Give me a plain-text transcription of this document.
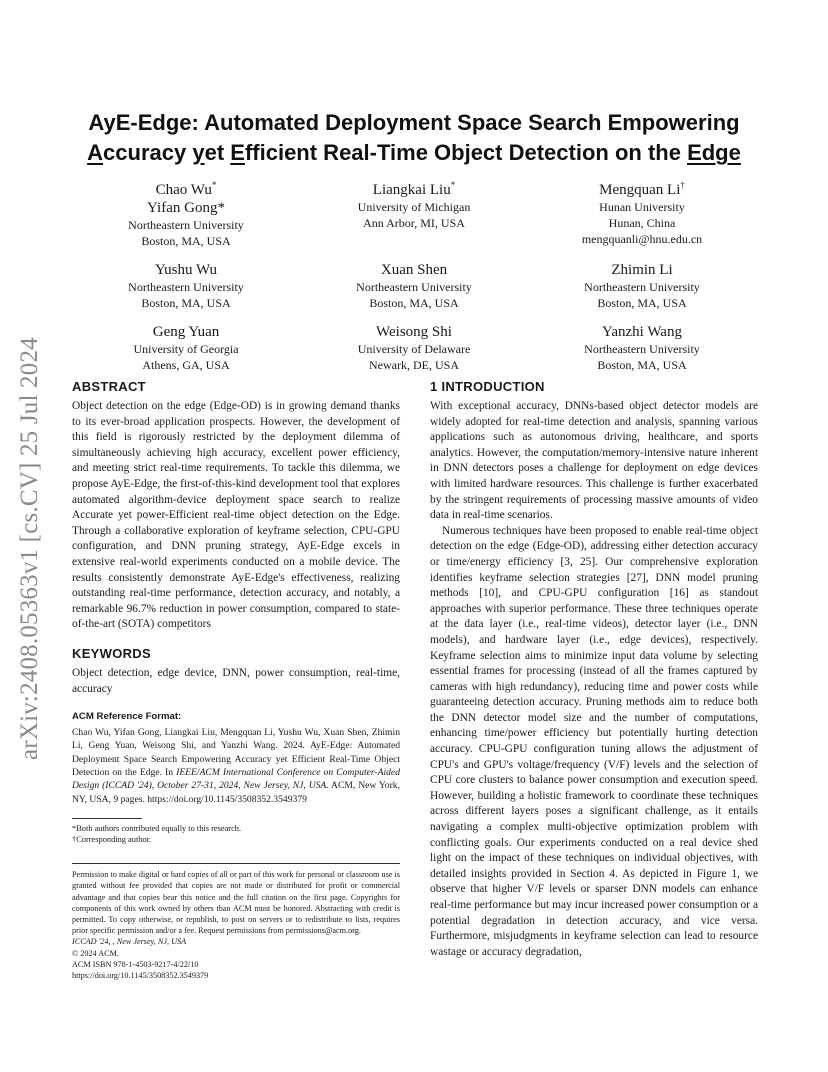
arXiv:2408.05363v1 [cs.CV] 25 Jul 2024
AyE-Edge: Automated Deployment Space Search Empowering
Accuracy yet Efficient Real-Time Object Detection on the Edge
Chao Wu*
Yifan Gong*
Northeastern University
Boston, MA, USA
Liangkai Liu*
University of Michigan
Ann Arbor, MI, USA
Mengquan Li†
Hunan University
Hunan, China
mengquanli@hnu.edu.cn
Yushu Wu
Northeastern University
Boston, MA, USA
Xuan Shen
Northeastern University
Boston, MA, USA
Zhimin Li
Northeastern University
Boston, MA, USA
Geng Yuan
University of Georgia
Athens, GA, USA
Weisong Shi
University of Delaware
Newark, DE, USA
Yanzhi Wang
Northeastern University
Boston, MA, USA
ABSTRACT

Object detection on the edge (Edge-OD) is in growing demand thanks to its ever-broad application prospects. However, the development of this field is rigorously restricted by the deployment dilemma of simultaneously achieving high accuracy, excellent power efficiency, and meeting strict real-time requirements. To tackle this dilemma, we propose AyE-Edge, the first-of-this-kind development tool that explores automated algorithm-device deployment space search to realize Accurate yet power-Efficient real-time object detection on the Edge. Through a collaborative exploration of keyframe selection, CPU-GPU configuration, and DNN pruning strategy, AyE-Edge excels in extensive real-world experiments conducted on a mobile device. The results consistently demonstrate AyE-Edge's effectiveness, realizing outstanding real-time performance, detection accuracy, and notably, a remarkable 96.7% reduction in power consumption, compared to state-of-the-art (SOTA) competitors

KEYWORDS

Object detection, edge device, DNN, power consumption, real-time, accuracy

ACM Reference Format:

Chao Wu, Yifan Gong, Liangkai Liu, Mengquan Li, Yushu Wu, Xuan Shen, Zhimin Li, Geng Yuan, Weisong Shi, and Yanzhi Wang. 2024. AyE-Edge: Automated Deployment Space Search Empowering Accuracy yet Efficient Real-Time Object Detection on the Edge. In IEEE/ACM International Conference on Computer-Aided Design (ICCAD '24), October 27-31, 2024, New Jersey, NJ, USA. ACM, New York, NY, USA, 9 pages. https://doi.org/10.1145/3508352.3549379

*Both authors contributed equally to this research.

†Corresponding author.

Permission to make digital or hard copies of all or part of this work for personal or classroom use is granted without fee provided that copies are not made or distributed for profit or commercial advantage and that copies bear this notice and the full citation on the first page. Copyrights for components of this work owned by others than ACM must be honored. Abstracting with credit is permitted. To copy otherwise, or republish, to post on servers or to redistribute to lists, requires prior specific permission and/or a fee. Request permissions from permissions@acm.org.

ICCAD '24, , New Jersey, NJ, USA

© 2024 ACM.

ACM ISBN 978-1-4503-9217-4/22/10

https://doi.org/10.1145/3508352.3549379

1 INTRODUCTION

With exceptional accuracy, DNNs-based object detector models are widely adopted for real-time detection and analysis, spanning various applications such as autonomous driving, healthcare, and sports analytics. However, the computation/memory-intensive nature inherent in DNN detectors poses a challenge for deployment on edge devices with limited hardware resources. This challenge is further exacerbated by the stringent requirements of processing massive amounts of video data in real-time scenarios.

Numerous techniques have been proposed to enable real-time object detection on the edge (Edge-OD), addressing either detection accuracy or time/energy efficiency [3, 25]. Our comprehensive exploration identifies keyframe selection strategies [27], DNN model pruning methods [10], and CPU-GPU configuration [16] as standout approaches with superior performance. These three techniques operate at the data layer (i.e., real-time videos), detector layer (i.e., DNN models), and hardware layer (i.e., edge devices), respectively. Keyframe selection aims to minimize input data volume by selecting essential frames for processing (instead of all the frames captured by cameras with high redundancy), reducing time and power costs while guaranteeing detection accuracy. Pruning methods aim to reduce both the DNN detector model size and the number of computations, enhancing time/power efficiency but potentially hurting detection accuracy. CPU-GPU configuration tuning allows the adjustment of CPU's and GPU's voltage/frequency (V/F) levels and the selection of CPU core clusters to balance power consumption and execution speed. However, building a holistic framework to coordinate these techniques across different layers poses a significant challenge, as it entails navigating a complex multi-objective optimization problem with conflicting goals. Our experiments conducted on a real device shed light on the impact of these techniques on individual objectives, with detailed insights provided in Section 4. As depicted in Figure 1, we observe that higher V/F levels or sparser DNN models can enhance real-time performance but may incur increased power consumption or a potential degradation in detection accuracy, and vice versa. Furthermore, misjudgments in keyframe selection can lead to resource wastage or accuracy degradation,
